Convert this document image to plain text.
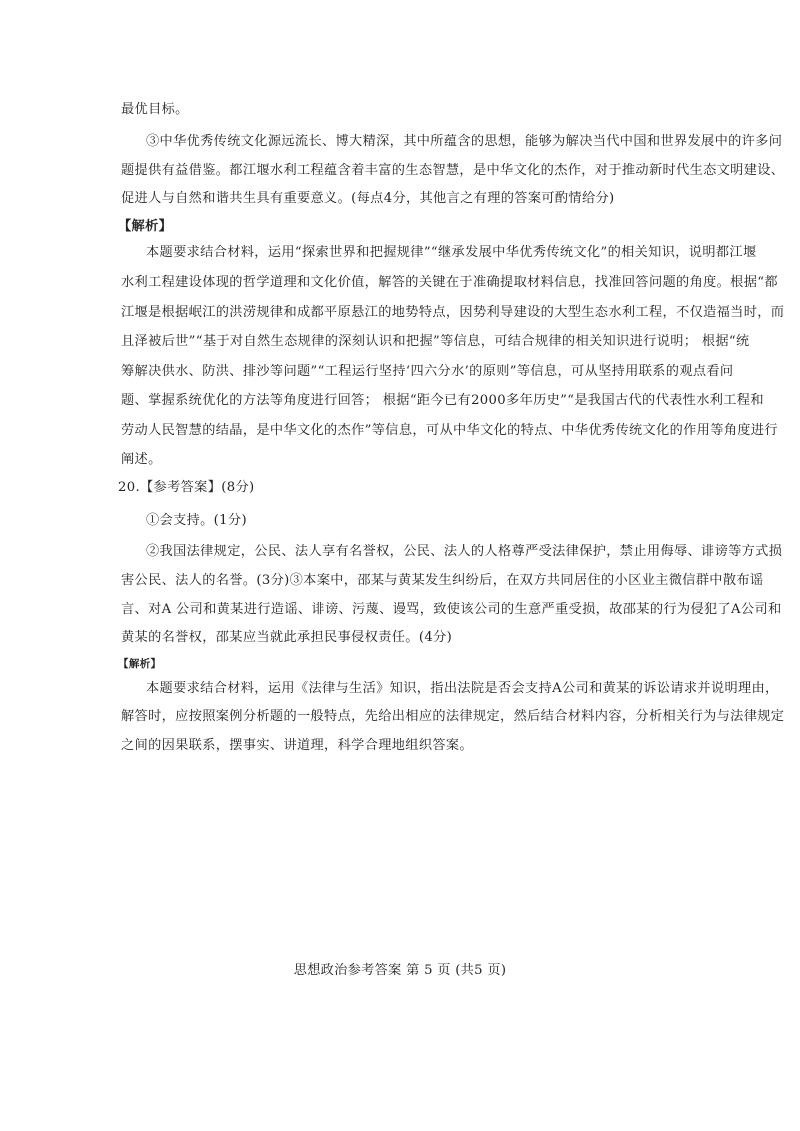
最优目标。
③中华优秀传统文化源远流长、博大精深，其中所蕴含的思想，能够为解决当代中国和世界发展中的许多问
题提供有益借鉴。都江堰水利工程蕴含着丰富的生态智慧，是中华文化的杰作，对于推动新时代生态文明建设、
促进人与自然和谐共生具有重要意义。(每点4分，其他言之有理的答案可酌情给分)
【解析】
本题要求结合材料，运用“探索世界和把握规律”“继承发展中华优秀传统文化”的相关知识，说明都江堰
水利工程建设体现的哲学道理和文化价值，解答的关键在于准确提取材料信息，找准回答问题的角度。根据“都
江堰是根据岷江的洪涝规律和成都平原悬江的地势特点，因势利导建设的大型生态水利工程，不仅造福当时，而
且泽被后世”“基于对自然生态规律的深刻认识和把握”等信息，可结合规律的相关知识进行说明； 根据“统
筹解决供水、防洪、排沙等问题”“工程运行坚持‘四六分水’的原则”等信息，可从坚持用联系的观点看问
题、掌握系统优化的方法等角度进行回答； 根据“距今已有2000多年历史”“是我国古代的代表性水利工程和
劳动人民智慧的结晶，是中华文化的杰作”等信息，可从中华文化的特点、中华优秀传统文化的作用等角度进行
阐述。
20.【参考答案】(8分)
①会支持。(1分)
②我国法律规定，公民、法人享有名誉权，公民、法人的人格尊严受法律保护，禁止用侮辱、诽谤等方式损
害公民、法人的名誉。(3分)③本案中，邵某与黄某发生纠纷后，在双方共同居住的小区业主微信群中散布谣
言、对A 公司和黄某进行造谣、诽谤、污蔑、谩骂，致使该公司的生意严重受损，故邵某的行为侵犯了A公司和
黄某的名誉权，邵某应当就此承担民事侵权责任。(4分)
【解析】
本题要求结合材料，运用《法律与生活》知识，指出法院是否会支持A公司和黄某的诉讼请求并说明理由，
解答时，应按照案例分析题的一般特点，先给出相应的法律规定，然后结合材料内容，分析相关行为与法律规定
之间的因果联系，摆事实、讲道理，科学合理地组织答案。
思想政治参考答案 第 5 页 (共5 页)
